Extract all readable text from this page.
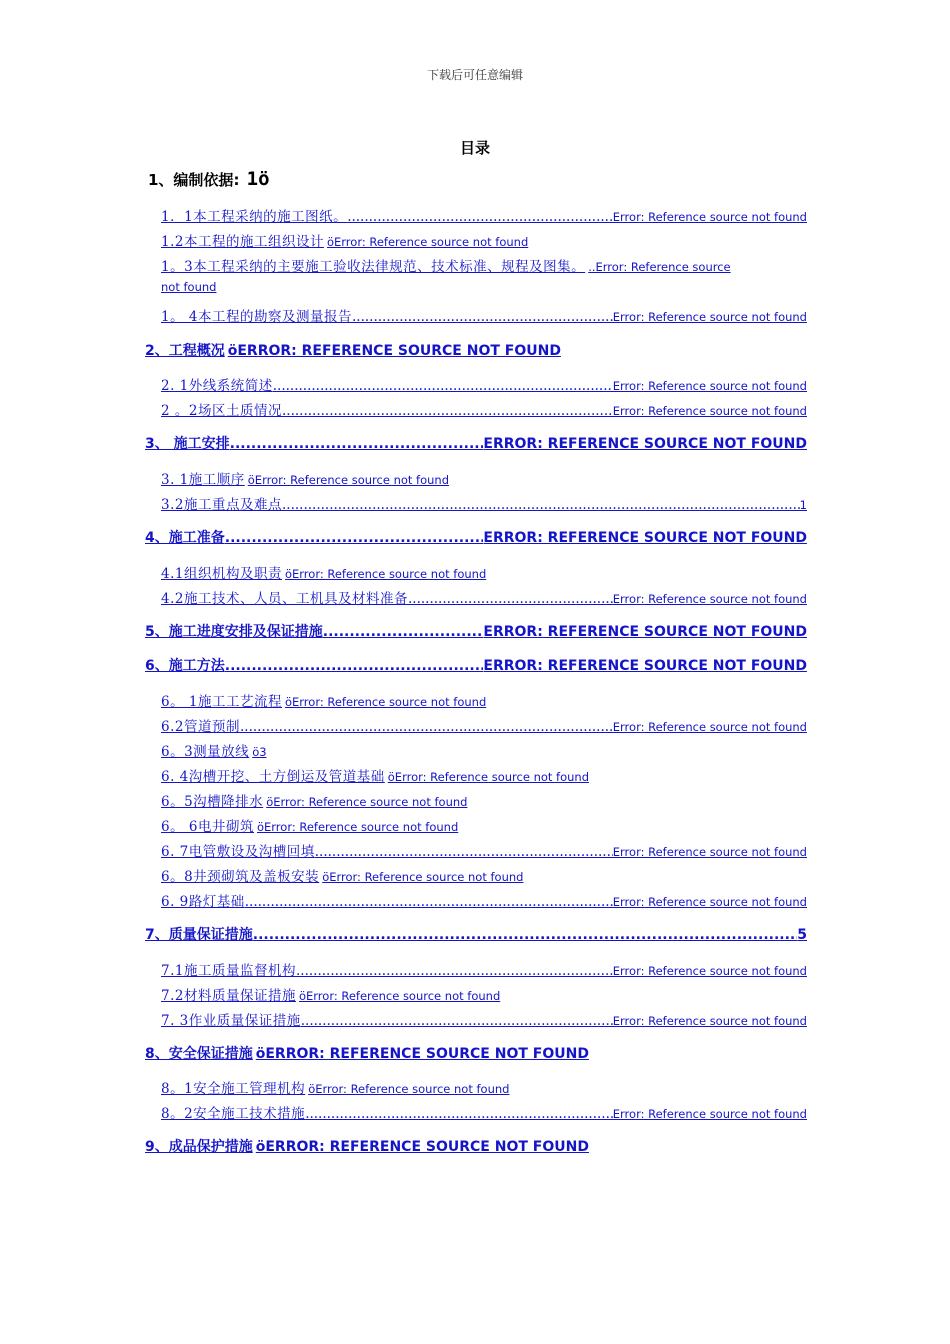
下载后可任意编辑
目录
1、编制依据: 1ö
1．1本工程采纳的施工图纸。 .....	Error: Reference source not found
1.2本工程的施工组织设计 öError: Reference source not found
1。3本工程采纳的主要施工验收法律规范、技术标准、规程及图集。 ..Error: Reference source
not found
1。 4本工程的勘察及测量报告 .....	Error: Reference source not found
2、工程概况 öERROR: REFERENCE SOURCE NOT FOUND
2. 1外线系统简述 .....	Error: Reference source not found
2 。2场区土质情况 .....	Error: Reference source not found
3、 施工安排 .....	ERROR: REFERENCE SOURCE NOT FOUND
3. 1施工顺序 öError: Reference source not found
3.2施工重点及难点 .....	1
4、施工准备 .....	ERROR: REFERENCE SOURCE NOT FOUND
4.1组织机构及职责 öError: Reference source not found
4.2施工技术、人员、工机具及材料准备 .....	Error: Reference source not found
5、施工进度安排及保证措施 .....	ERROR: REFERENCE SOURCE NOT FOUND
6、施工方法 .....	ERROR: REFERENCE SOURCE NOT FOUND
6。 1施工工艺流程 öError: Reference source not found
6.2管道预制 .....	Error: Reference source not found
6。3测量放线 ö3
6. 4沟槽开挖、土方倒运及管道基础 öError: Reference source not found
6。5沟槽降排水 öError: Reference source not found
6。 6电井砌筑 öError: Reference source not found
6. 7电管敷设及沟槽回填 .....	Error: Reference source not found
6。8井颈砌筑及盖板安装 öError: Reference source not found
6. 9路灯基础 .....	Error: Reference source not found
7、质量保证措施 .....	5
7.1施工质量监督机构 .....	Error: Reference source not found
7.2材料质量保证措施 öError: Reference source not found
7. 3作业质量保证措施 .....	Error: Reference source not found
8、安全保证措施 öERROR: REFERENCE SOURCE NOT FOUND
8。1安全施工管理机构 öError: Reference source not found
8。2安全施工技术措施 .....	Error: Reference source not found
9、成品保护措施 öERROR: REFERENCE SOURCE NOT FOUND
